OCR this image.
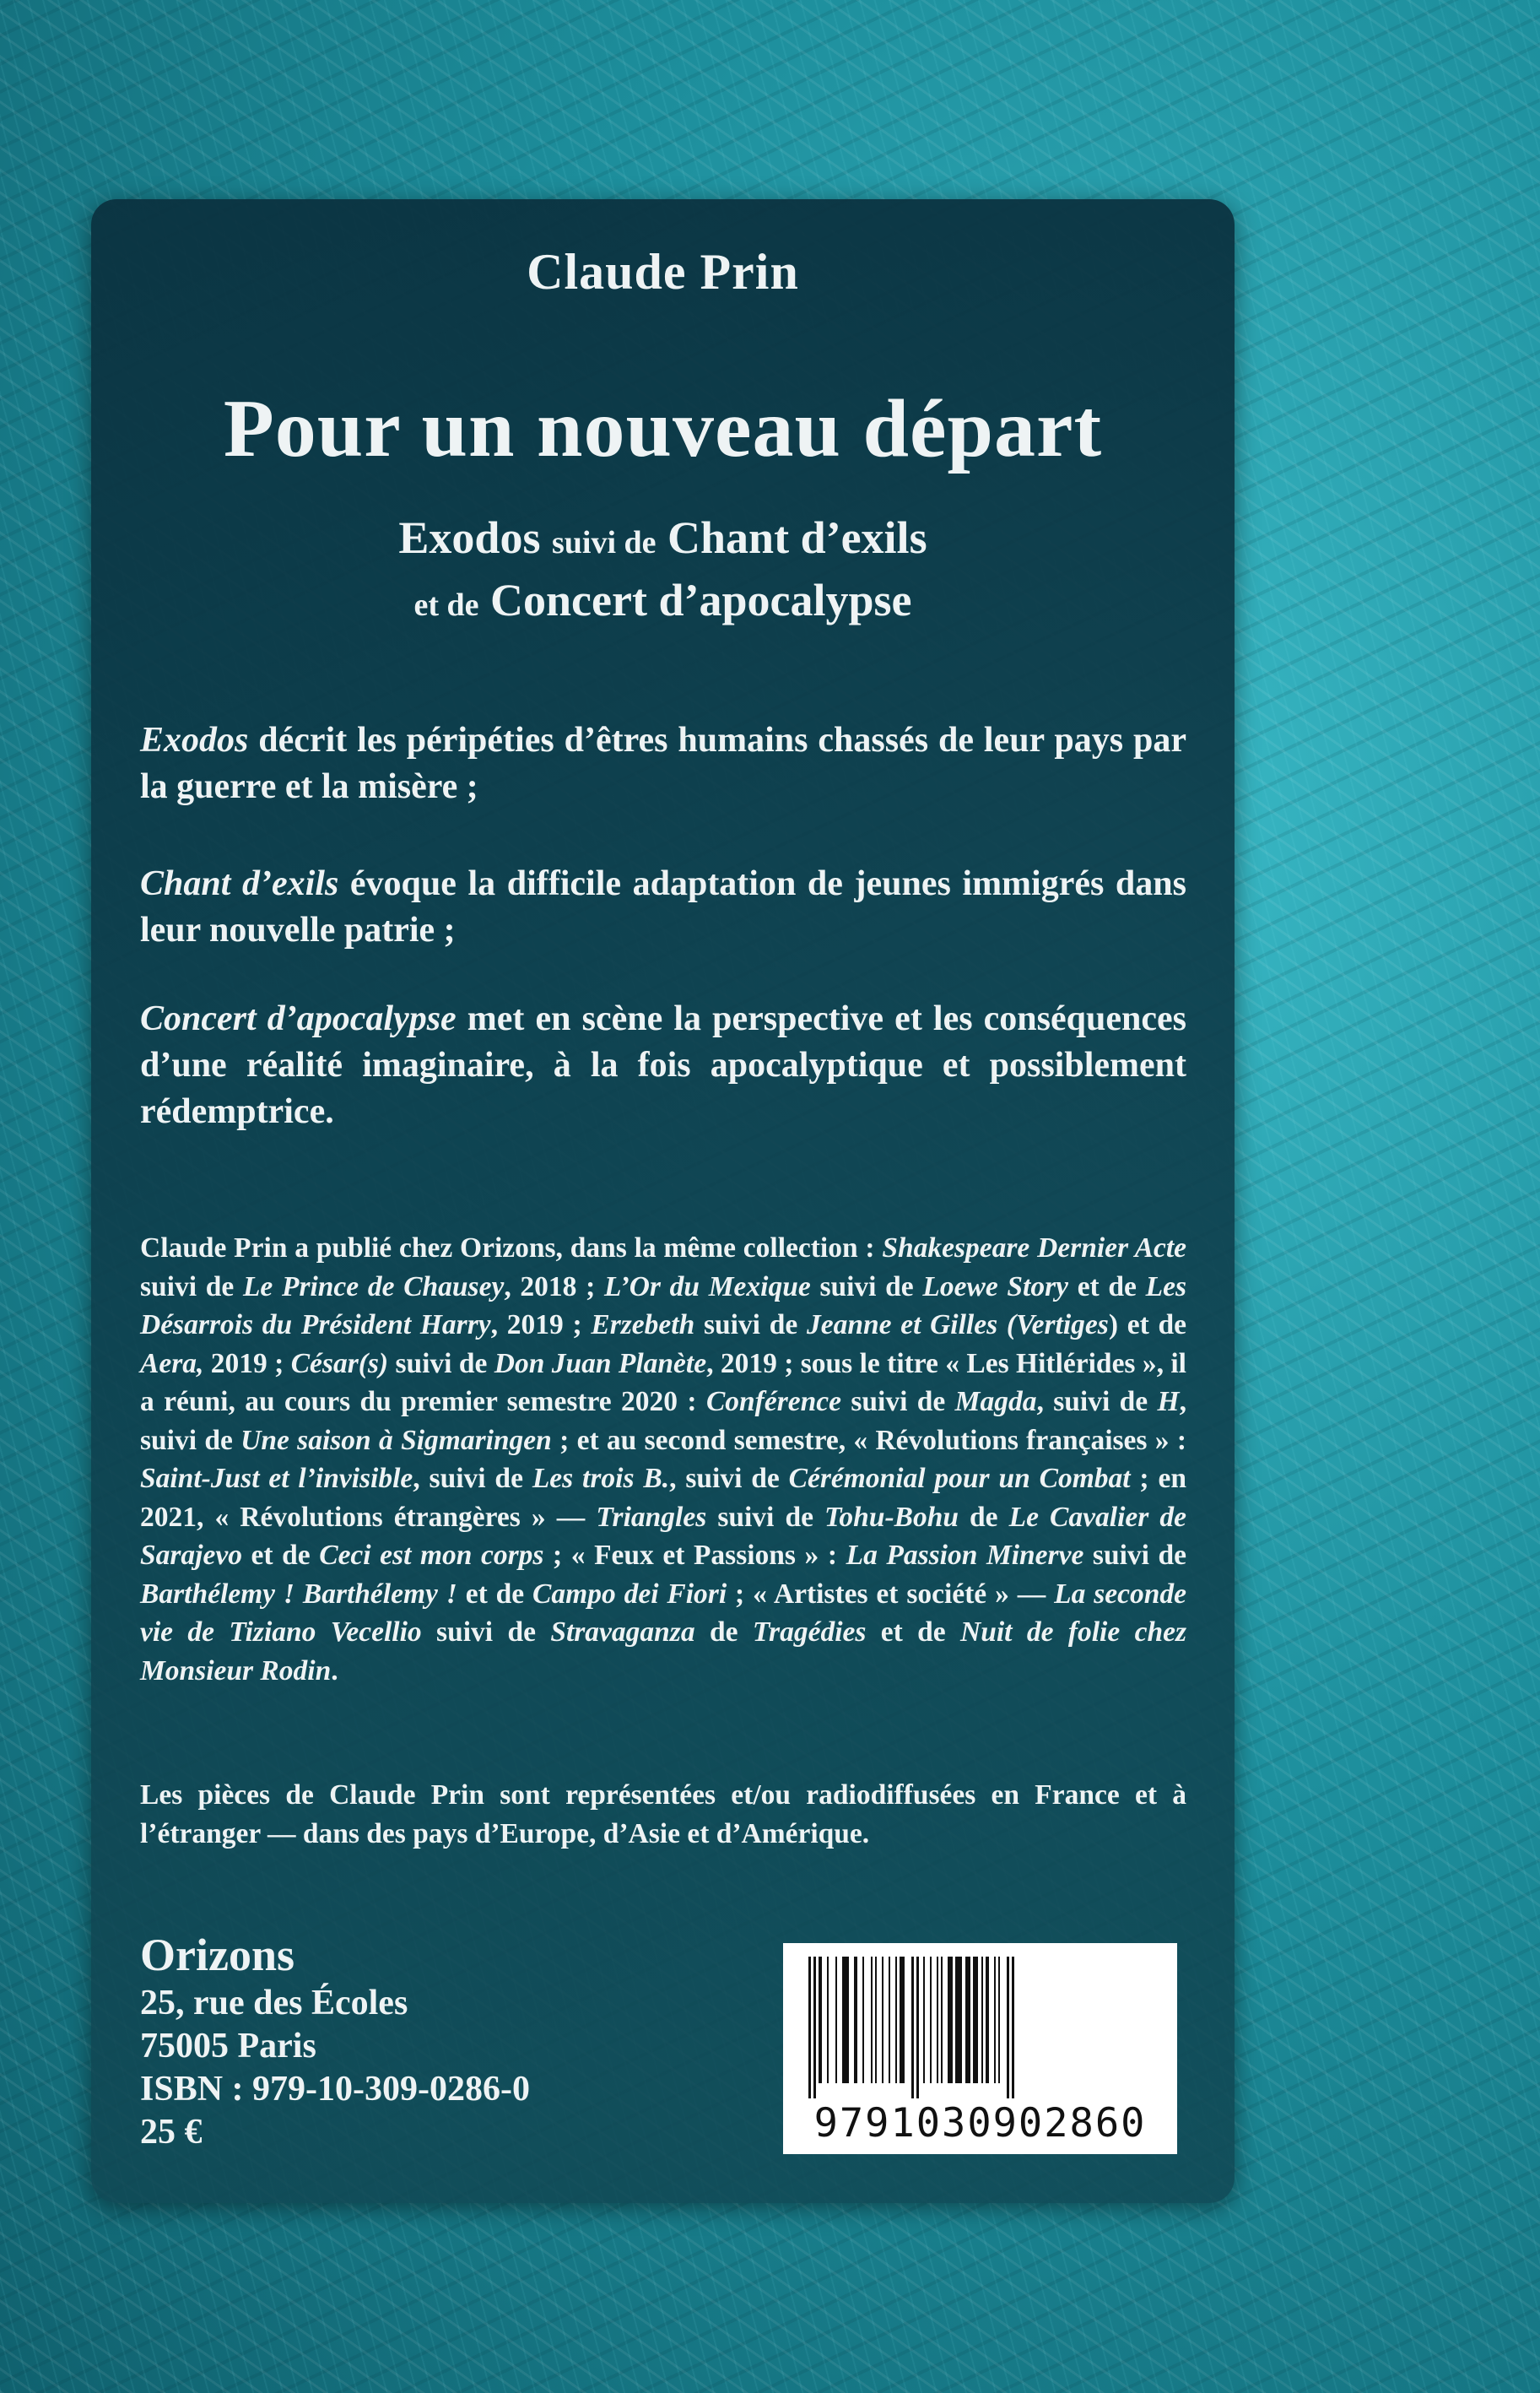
Claude Prin

Pour un nouveau départ

Exodos suivi de Chant d’exils

et de Concert d’apocalypse

Exodos décrit les péripéties d’êtres humains chassés de leur pays par la guerre et la misère ;

Chant d’exils évoque la difficile adaptation de jeunes immigrés dans leur nouvelle patrie ;

Concert d’apocalypse met en scène la perspective et les conséquences d’une réalité imaginaire, à la fois apocalyptique et possiblement rédemptrice.

Claude Prin a publié chez Orizons, dans la même collection : Shakespeare Dernier Acte suivi de Le Prince de Chausey, 2018 ; L’Or du Mexique suivi de Loewe Story et de Les Désarrois du Président Harry, 2019 ; Erzebeth suivi de Jeanne et Gilles (Vertiges) et de Aera, 2019 ; César(s) suivi de Don Juan Planète, 2019 ; sous le titre « Les Hitlérides », il a réuni, au cours du premier semestre 2020 : Conférence suivi de Magda, suivi de H, suivi de Une saison à Sigmaringen ; et au second semestre, « Révolutions françaises » : Saint-Just et l’invisible, suivi de Les trois B., suivi de Cérémonial pour un Combat ; en 2021, « Révolutions étrangères » — Triangles suivi de Tohu-Bohu de Le Cavalier de Sarajevo et de Ceci est mon corps ; « Feux et Passions » : La Passion Minerve suivi de Barthélemy ! Barthélemy ! et de Campo dei Fiori ; « Artistes et société » — La seconde vie de Tiziano Vecellio suivi de Stravaganza de Tragédies et de Nuit de folie chez Monsieur Rodin.

Les pièces de Claude Prin sont représentées et/ou radiodiffusées en France et à l’étranger — dans des pays d’Europe, d’Asie et d’Amérique.

Orizons
25, rue des Écoles
75005 Paris
ISBN : 979-10-309-0286-0
25 €	9791030902860
